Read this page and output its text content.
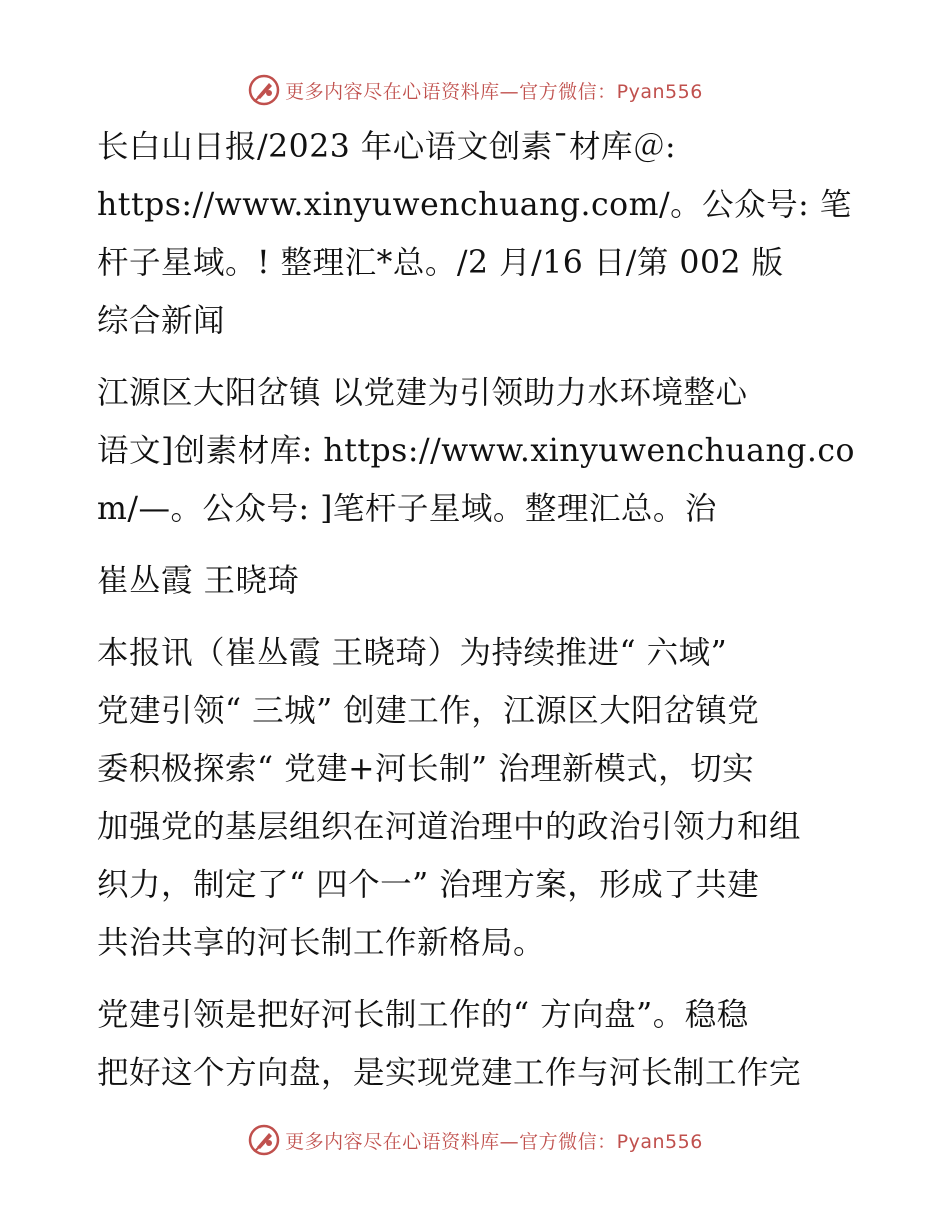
更多内容尽在心语资料库—官方微信：Pyan556
长白山日报/2023 年心语文创素¯材库＠:
https://www.xinyuwenchuang.com/。公众号: 笔
杆子星域。! 整理汇*总。/2 月/16 日/第 002 版
综合新闻
江源区大阳岔镇 以党建为引领助力水环境整心
语文]创素材库: https://www.xinyuwenchuang.co
m/—。公众号: ]笔杆子星域。整理汇总。治
崔丛霞 王晓琦
本报讯（崔丛霞 王晓琦）为持续推进“ 六域”
党建引领“ 三城” 创建工作，江源区大阳岔镇党
委积极探索“ 党建+河长制” 治理新模式，切实
加强党的基层组织在河道治理中的政治引领力和组
织力，制定了“ 四个一” 治理方案，形成了共建
共治共享的河长制工作新格局。
党建引领是把好河长制工作的“ 方向盘”。稳稳
把好这个方向盘，是实现党建工作与河长制工作完
更多内容尽在心语资料库—官方微信：Pyan556
